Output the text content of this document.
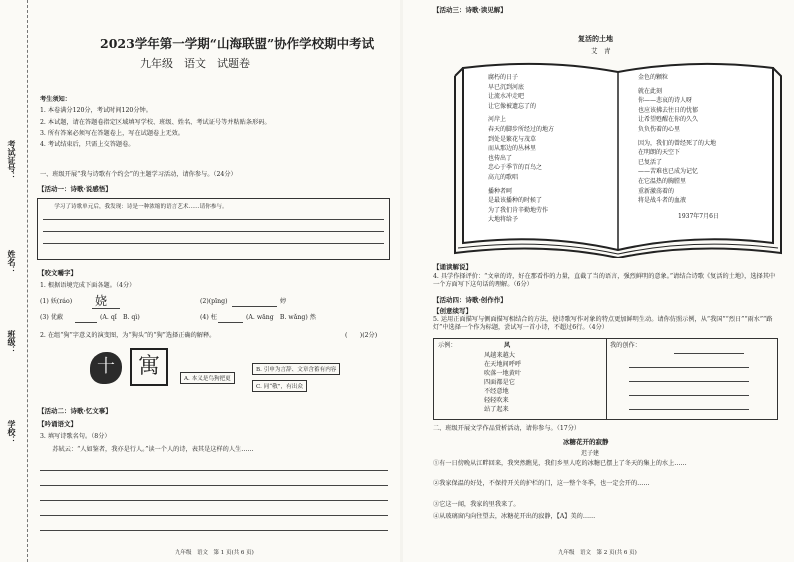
学校：
班级：
姓名：
考试证号：
2023学年第一学期“山海联盟”协作学校期中考试
九年级　语文　试题卷
考生须知：
1. 本卷满分120分，考试时间120分钟。
2. 本试题，请在答题卷指定区域填写学校、班级、姓名、考试证号等并粘贴条形码。
3. 所有答案必须写在答题卷上，写在试题卷上无效。
4. 考试结束后，只需上交答题卷。
一、班级开展“我与诗歌有个约会”的主题学习活动，请你参与。（24分）
【活动一：诗歌·说感悟】
　　学习了诗歌单元后，我发现：诗是一种浓缩的语言艺术……请你参与。
【咬文嚼字】
1. 根据语境完成下面各题。（4分）
(1) 妖(ráo) 娆	(2)(pīng)	婷
(3) 优蔽	(A. qǐ　B. qì)	(4) 枉	(A. wāng　B. wǎng) 然
2. 在组“狗”字意义的演变图，为“狗头”的“狗”选择正确的解释。	(　　)(2分)
十	寓	A. 本义是鸟狗把更
B. 引申为言辞、文章含蓄有内容
C. 同“敬”，有出众
【活动二：诗歌·忆文事】
【吟诵语文】
3. 填写诗歌名句。（8分）
　　苏轼云：“人如鉴者，我亦是行人。”读一个人的诗，表其是这样的人生……
九年级　语文　第 1 页(共 6 页)
【活动三：诗歌·读见解】
复活的土地
艾　青
腐朽的日子
早已沉到河底
让流水冲走吧
让它像被遗忘了的
河岸上
春天的脚步所经过的地方
到处是繁花与茂草
而从那边的丛林里
也传出了
忠心于季节的百鸟之
高亢的歌唱
播种者呵
是最该播种的时候了
为了我们肯辛勤地劳作
大地将给予
金色的颗粒
就在此刻
你——悲哀的诗人呀
也应该拂去往日的忧郁
让希望甦醒在你的久久
负负伤着的心里
因为，我们的曾经死了的大地
在明朗的天空下
已复活了
——苦难也已成为记忆
在它温热的胸膛里
重新激荡着的
将是战斗者的血液
1937年7月6日
【诵读解说】
4. 具学作择评价：“文章的诗，好在那看作的力量，直截了当的语言，强烈鲜明的意象。”请结合诗歌《复活的土地》，选择其中一个方面写下这句话的理解。（6分）
【活动四：诗歌·创作作】
【创意续写】
5. 运用正面描写与侧面描写相结合的方法，使诗歌写作对象的特点更加鲜明生动。请你仿照示例，从“我国”“烈日”“雨水”“路灯”中选择一个作为标题，尝试写一首小诗，不超过6行。（4分）
示例：	风
风越来越大
在天地间呼呼
吹落一地黄叶
四面都是它
不经意地
轻轻吹来
站了起来
我的创作：
二、班级开展文学作品赏析活动，请你参与。（17分）
冰糖花开的寂静
迟子建
①有一日傍晚从江畔回来，我突然瞧见，我们乡里人吃的冰糖已摆上了冬天的集上的水上……
②我家保温的好处，不保持开关的护栏的门，这一整个冬季，也一定会开的……
③它这一闻，我家的里我来了。
④从玻璃窗内向往望去，冰糖花开出的寂静，【A】美的……
九年级　语文　第 2 页(共 6 页)
